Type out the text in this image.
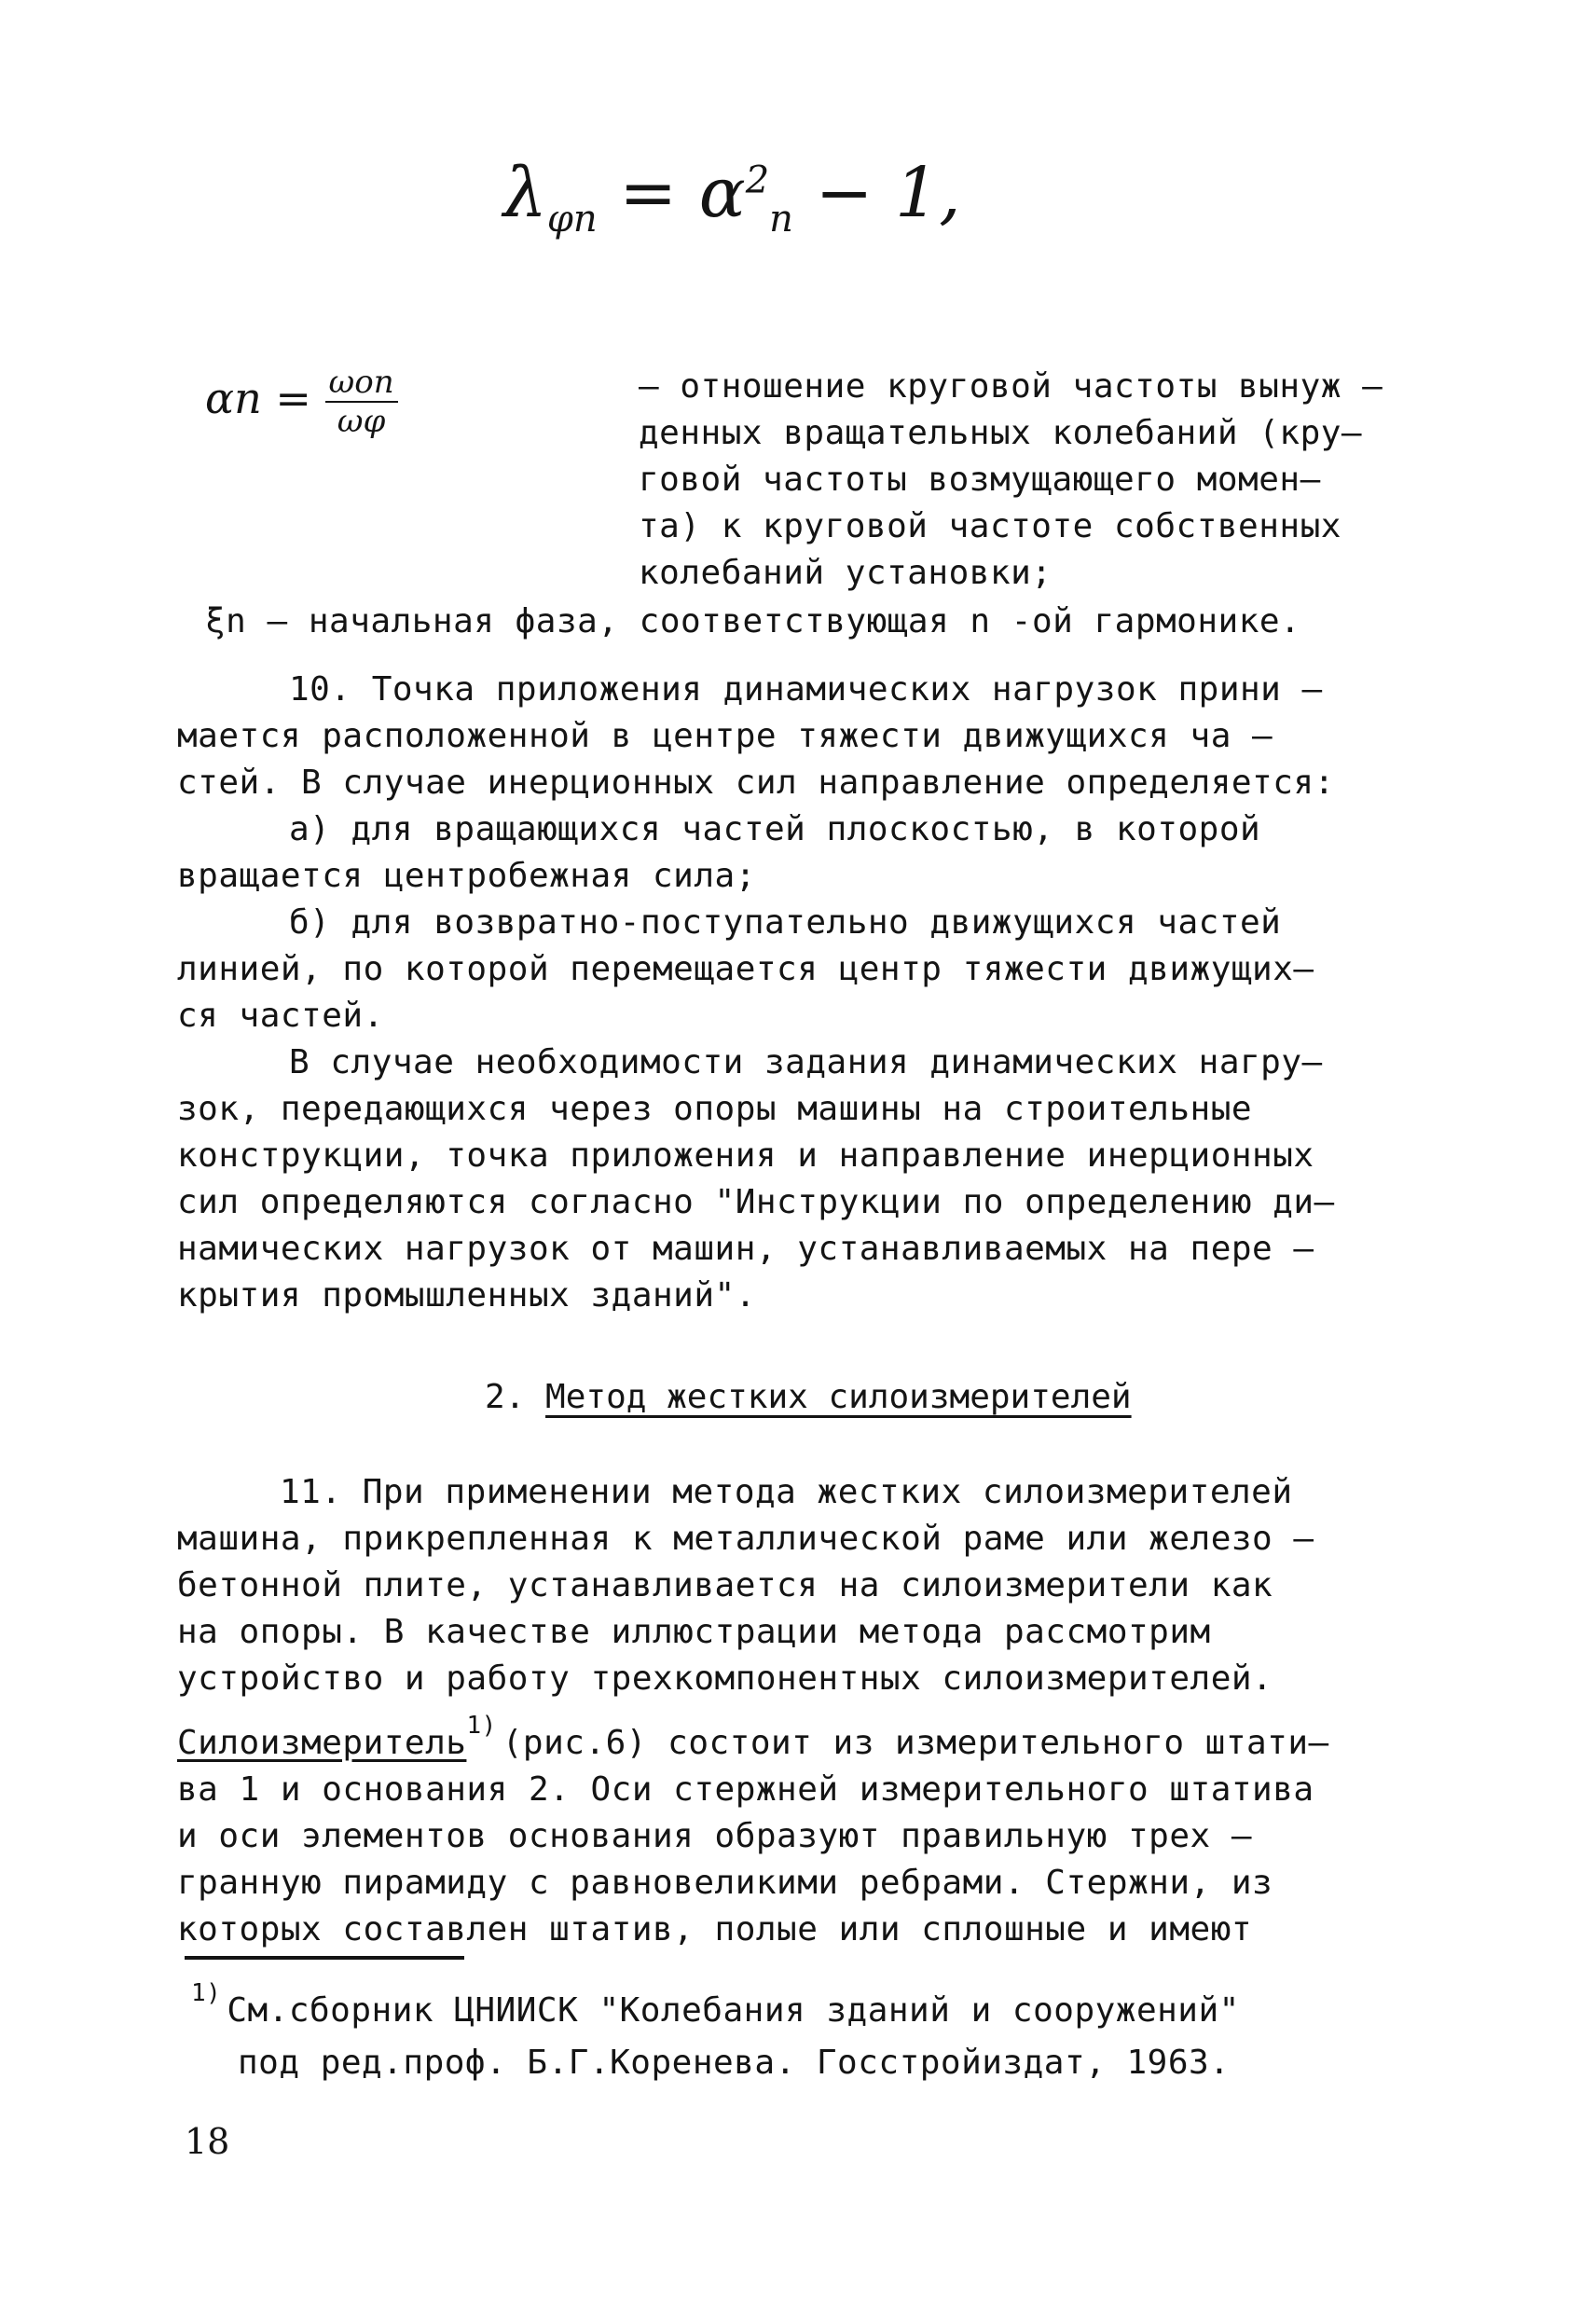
$\lambda_{\varphi n} = \alpha^2_n - 1$,
$\alpha n = \frac{\text{ωon}}{\omega\varphi}$	– отношение круговой частоты вынуж –
денных вращательных колебаний (кру–
говой частоты возмущающего момен–
та) к круговой частоте собственных
колебаний установки;
ξn – начальная фаза, соответствующая n -ой гармонике.
10. Точка приложения динамических нагрузок прини –
мается расположенной в центре тяжести движущихся ча –
стей. В случае инерционных сил направление определяется:
а) для вращающихся частей плоскостью, в которой
вращается центробежная сила;
б) для возвратно-поступательно движущихся частей
линией, по которой перемещается центр тяжести движущих–
ся частей.
В случае необходимости задания динамических нагру–
зок, передающихся через опоры машины на строительные
конструкции, точка приложения и направление инерционных
сил определяются согласно "Инструкции по определению ди–
намических нагрузок от машин, устанавливаемых на пере –
крытия промышленных зданий".
2. Метод жестких силоизмерителей
11. При применении метода жестких силоизмерителей
машина, прикрепленная к металлической раме или железо –
бетонной плите, устанавливается на силоизмерители как
на опоры. В качестве иллюстрации метода рассмотрим
устройство и работу трехкомпонентных силоизмерителей.
Силоизмеритель$^{1)}$ (рис.6) состоит из измерительного штати–
ва 1 и основания 2. Оси стержней измерительного штатива
и оси элементов основания образуют правильную трех –
гранную пирамиду с равновеликими ребрами. Стержни, из
которых составлен штатив, полые или сплошные и имеют
$^{1)}$ См.сборник ЦНИИСК "Колебания зданий и сооружений"
под ред.проф. Б.Г.Коренева. Госстройиздат, 1963.
18
